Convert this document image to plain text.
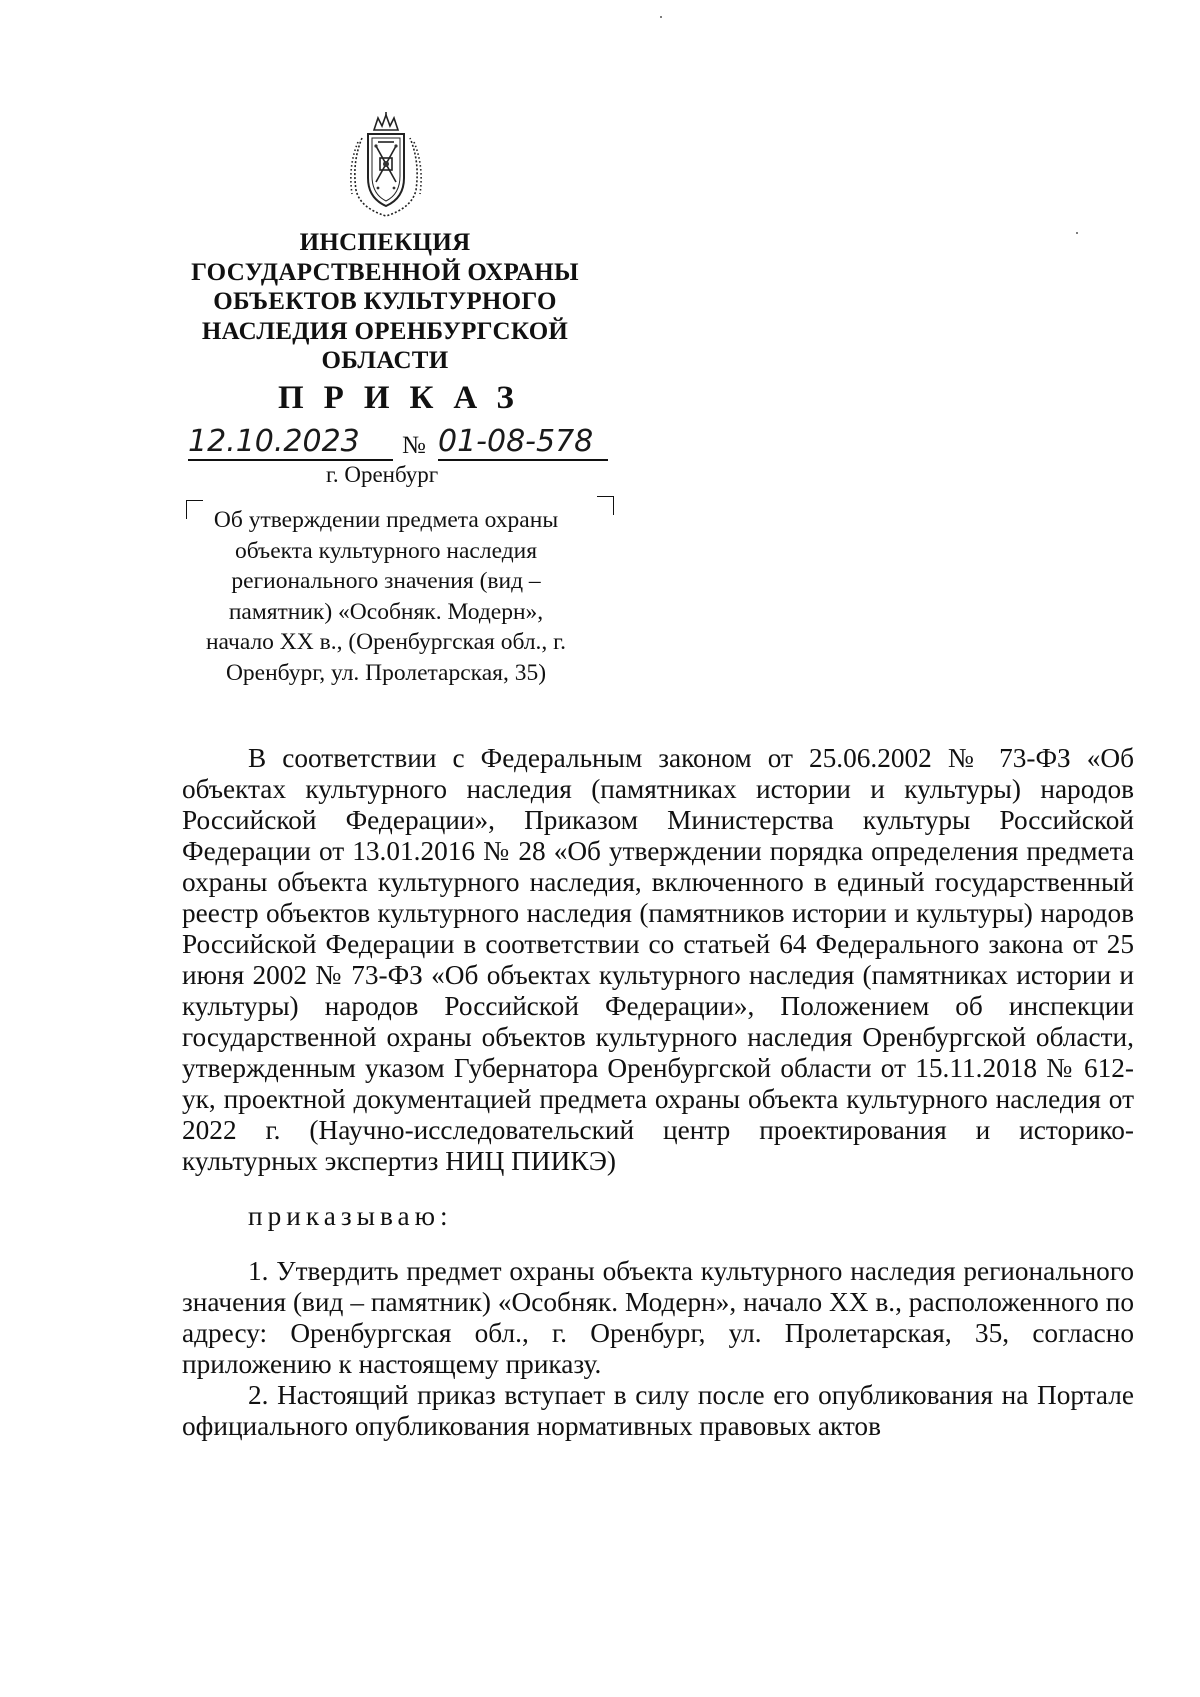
ИНСПЕКЦИЯ
ГОСУДАРСТВЕННОЙ ОХРАНЫ
ОБЪЕКТОВ КУЛЬТУРНОГО
НАСЛЕДИЯ ОРЕНБУРГСКОЙ
ОБЛАСТИ
ПРИКАЗ
12.10.2023 № 01-08-578
г. Оренбург
Об утверждении предмета охраны
объекта культурного наследия
регионального значения (вид –
памятник) «Особняк. Модерн»,
начало XX в., (Оренбургская обл., г.
Оренбург, ул. Пролетарская, 35)

В соответствии с Федеральным законом от 25.06.2002 № 73-ФЗ «Об объектах культурного наследия (памятниках истории и культуры) народов Российской Федерации», Приказом Министерства культуры Российской Федерации от 13.01.2016 № 28 «Об утверждении порядка определения предмета охраны объекта культурного наследия, включенного в единый государственный реестр объектов культурного наследия (памятников истории и культуры) народов Российской Федерации в соответствии со статьей 64 Федерального закона от 25 июня 2002 № 73-ФЗ «Об объектах культурного наследия (памятниках истории и культуры) народов Российской Федерации», Положением об инспекции государственной охраны объектов культурного наследия Оренбургской области, утвержденным указом Губернатора Оренбургской области от 15.11.2018 № 612-ук, проектной документацией предмета охраны объекта культурного наследия от 2022 г. (Научно-исследовательский центр проектирования и историко-культурных экспертиз НИЦ ПИИКЭ)

приказываю:

1. Утвердить предмет охраны объекта культурного наследия регионального значения (вид – памятник) «Особняк. Модерн», начало XX в., расположенного по адресу: Оренбургская обл., г. Оренбург, ул. Пролетарская, 35, согласно приложению к настоящему приказу.

2. Настоящий приказ вступает в силу после его опубликования на Портале официального опубликования нормативных правовых актов
